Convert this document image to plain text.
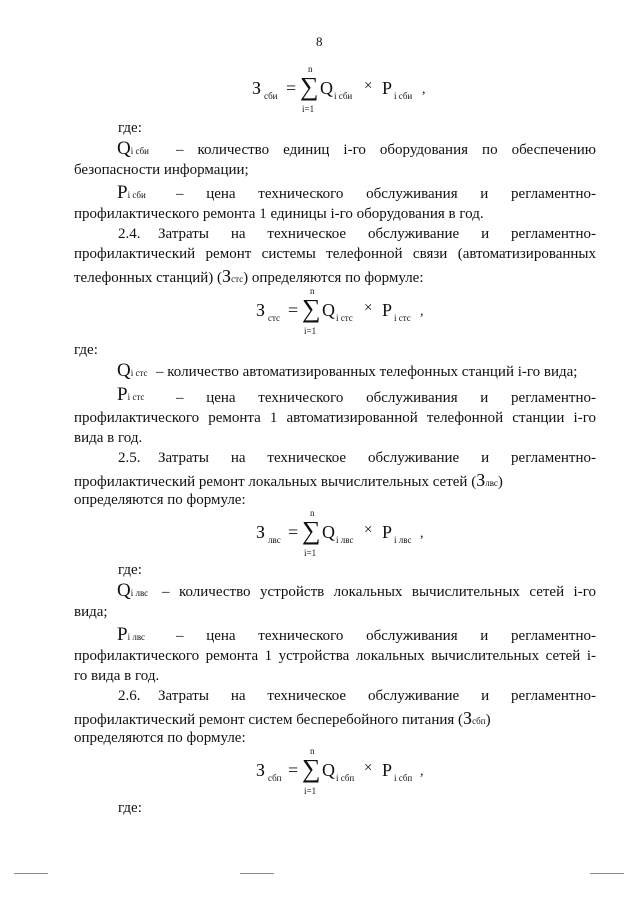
8
З сби =
n
∑
i=1
Q i сби
× P i сби ,
где:
Qi сби – количество единиц i-го оборудования по обеспечению
безопасности информации;
Pi сби – цена технического обслуживания и регламентно-
профилактического ремонта 1 единицы i-го оборудования в год.
2.4. Затраты на техническое обслуживание и регламентно-
профилактический ремонт системы телефонной связи (автоматизированных
телефонных станций) (Зстс) определяются по формуле:
З стс =
n
∑
i=1
Q i стс
× P i стс ,
где:
Qi стс – количество автоматизированных телефонных станций i-го вида;
Pi стс – цена технического обслуживания и регламентно-
профилактического ремонта 1 автоматизированной телефонной станции i-го
вида в год.
2.5. Затраты на техническое обслуживание и регламентно-
профилактический ремонт локальных вычислительных сетей (Злвс)
определяются по формуле:
З лвс =
n
∑
i=1
Q i лвс
× P i лвс ,
где:
Qi лвс – количество устройств локальных вычислительных сетей i-го
вида;
Pi лвс – цена технического обслуживания и регламентно-
профилактического ремонта 1 устройства локальных вычислительных сетей i-
го вида в год.
2.6. Затраты на техническое обслуживание и регламентно-
профилактический ремонт систем бесперебойного питания (Зсбп)
определяются по формуле:
З сбп =
n
∑
i=1
Q i сбп
× P i сбп ,
где:
